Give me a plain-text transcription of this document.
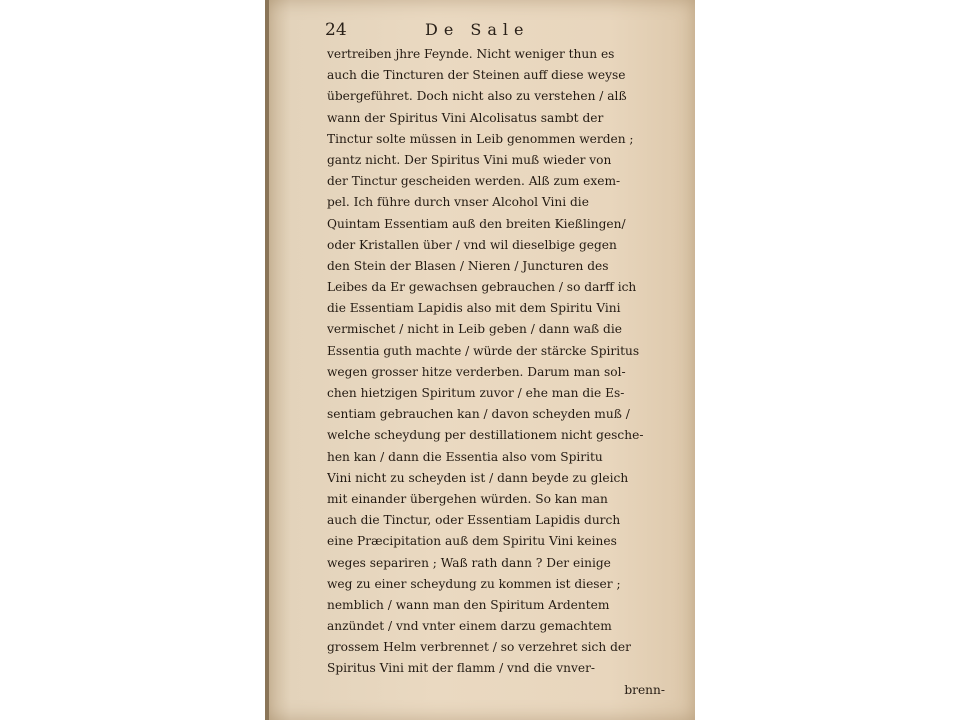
24	De Sale
vertreiben jhre Feynde. Nicht weniger thun es
auch die Tincturen der Steinen auff diese weyse
übergeführet. Doch nicht also zu verstehen / alß
wann der Spiritus Vini Alcolisatus sambt der
Tinctur solte müssen in Leib genommen werden ;
gantz nicht. Der Spiritus Vini muß wieder von
der Tinctur gescheiden werden. Alß zum exem-
pel. Ich führe durch vnser Alcohol Vini die
Quintam Essentiam auß den breiten Kießlingen/
oder Kristallen über / vnd wil dieselbige gegen
den Stein der Blasen / Nieren / Juncturen des
Leibes da Er gewachsen gebrauchen / so darff ich
die Essentiam Lapidis also mit dem Spiritu Vini
vermischet / nicht in Leib geben / dann waß die
Essentia guth machte / würde der stärcke Spiritus
wegen grosser hitze verderben. Darum man sol-
chen hietzigen Spiritum zuvor / ehe man die Es-
sentiam gebrauchen kan / davon scheyden muß /
welche scheydung per destillationem nicht gesche-
hen kan / dann die Essentia also vom Spiritu
Vini nicht zu scheyden ist / dann beyde zu gleich
mit einander übergehen würden. So kan man
auch die Tinctur, oder Essentiam Lapidis durch
eine Præcipitation auß dem Spiritu Vini keines
weges separiren ; Waß rath dann ? Der einige
weg zu einer scheydung zu kommen ist dieser ;
nemblich / wann man den Spiritum Ardentem
anzündet / vnd vnter einem darzu gemachtem
grossem Helm verbrennet / so verzehret sich der
Spiritus Vini mit der flamm / vnd die vnver-
brenn-
